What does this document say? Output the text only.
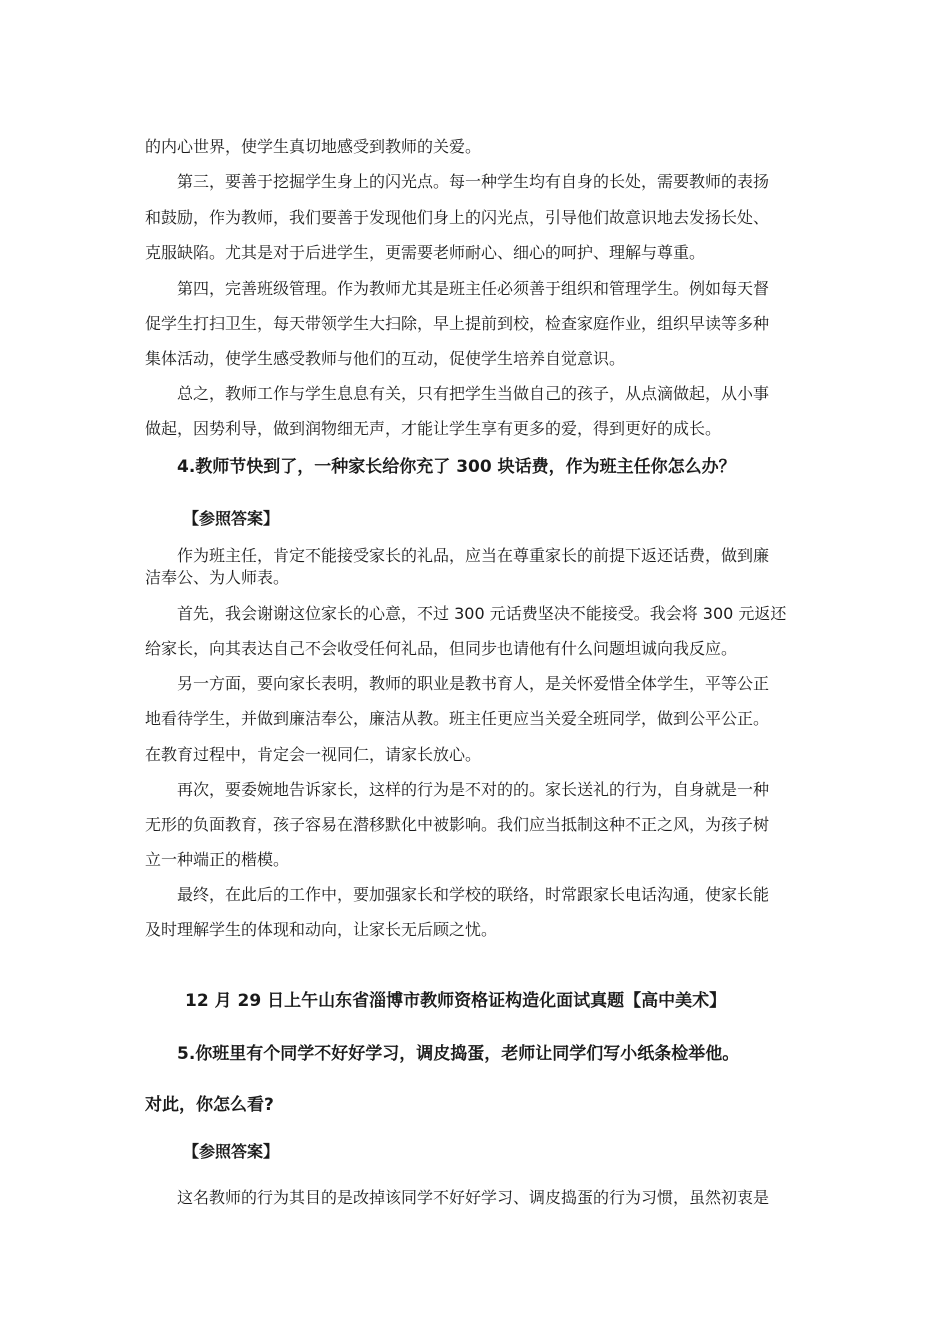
的内心世界，使学生真切地感受到教师的关爱。

第三，要善于挖掘学生身上的闪光点。每一种学生均有自身的长处，需要教师的表扬

和鼓励，作为教师，我们要善于发现他们身上的闪光点，引导他们故意识地去发扬长处、

克服缺陷。尤其是对于后进学生，更需要老师耐心、细心的呵护、理解与尊重。

第四，完善班级管理。作为教师尤其是班主任必须善于组织和管理学生。例如每天督

促学生打扫卫生，每天带领学生大扫除，早上提前到校，检查家庭作业，组织早读等多种

集体活动，使学生感受教师与他们的互动，促使学生培养自觉意识。

总之，教师工作与学生息息有关，只有把学生当做自己的孩子，从点滴做起，从小事

做起，因势利导，做到润物细无声，才能让学生享有更多的爱，得到更好的成长。

4.教师节快到了，一种家长给你充了 300 块话费，作为班主任你怎么办？

【参照答案】

作为班主任，肯定不能接受家长的礼品，应当在尊重家长的前提下返还话费，做到廉

洁奉公、为人师表。

首先，我会谢谢这位家长的心意，不过 300 元话费坚决不能接受。我会将 300 元返还

给家长，向其表达自己不会收受任何礼品，但同步也请他有什么问题坦诚向我反应。

另一方面，要向家长表明，教师的职业是教书育人，是关怀爱惜全体学生，平等公正

地看待学生，并做到廉洁奉公，廉洁从教。班主任更应当关爱全班同学，做到公平公正。

在教育过程中，肯定会一视同仁，请家长放心。

再次，要委婉地告诉家长，这样的行为是不对的的。家长送礼的行为，自身就是一种

无形的负面教育，孩子容易在潜移默化中被影响。我们应当抵制这种不正之风，为孩子树

立一种端正的楷模。

最终，在此后的工作中，要加强家长和学校的联络，时常跟家长电话沟通，使家长能

及时理解学生的体现和动向，让家长无后顾之忧。

12 月 29 日上午山东省淄博市教师资格证构造化面试真题【高中美术】

5.你班里有个同学不好好学习，调皮捣蛋，老师让同学们写小纸条检举他。

对此，你怎么看?

【参照答案】

这名教师的行为其目的是改掉该同学不好好学习、调皮捣蛋的行为习惯，虽然初衷是
